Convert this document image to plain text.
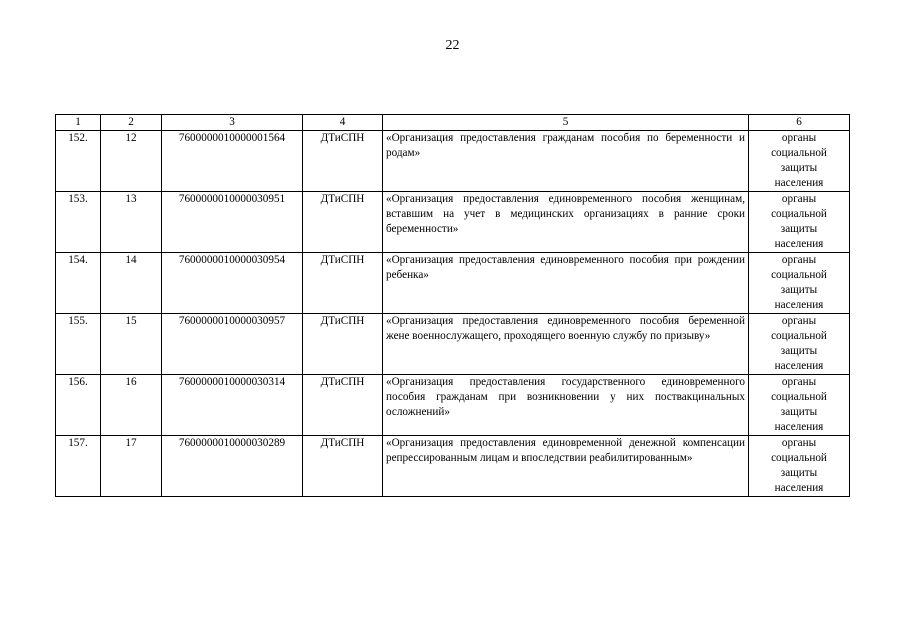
22
1	2	3	4	5	6
152.	12	7600000010000001564	ДТиСПН	«Организация предоставления гражданам пособия по беременности и родам»	органы
социальной
защиты
населения

153.	13	7600000010000030951	ДТиСПН	«Организация предоставления единовременного пособия женщинам, вставшим на учет в медицинских организациях в ранние сроки беременности»	органы
социальной
защиты
населения

154.	14	7600000010000030954	ДТиСПН	«Организация предоставления единовременного пособия при рождении ребенка»	органы
социальной
защиты
населения

155.	15	7600000010000030957	ДТиСПН	«Организация предоставления единовременного пособия беременной жене военнослужащего, проходящего военную службу по призыву»	органы
социальной
защиты
населения

156.	16	7600000010000030314	ДТиСПН	«Организация предоставления государственного единовременного пособия гражданам при возникновении у них поствакцинальных осложнений»	органы
социальной
защиты
населения

157.	17	7600000010000030289	ДТиСПН	«Организация предоставления единовременной денежной компенсации репрессированным лицам и впоследствии реабилитированным»	органы
социальной
защиты
населения
